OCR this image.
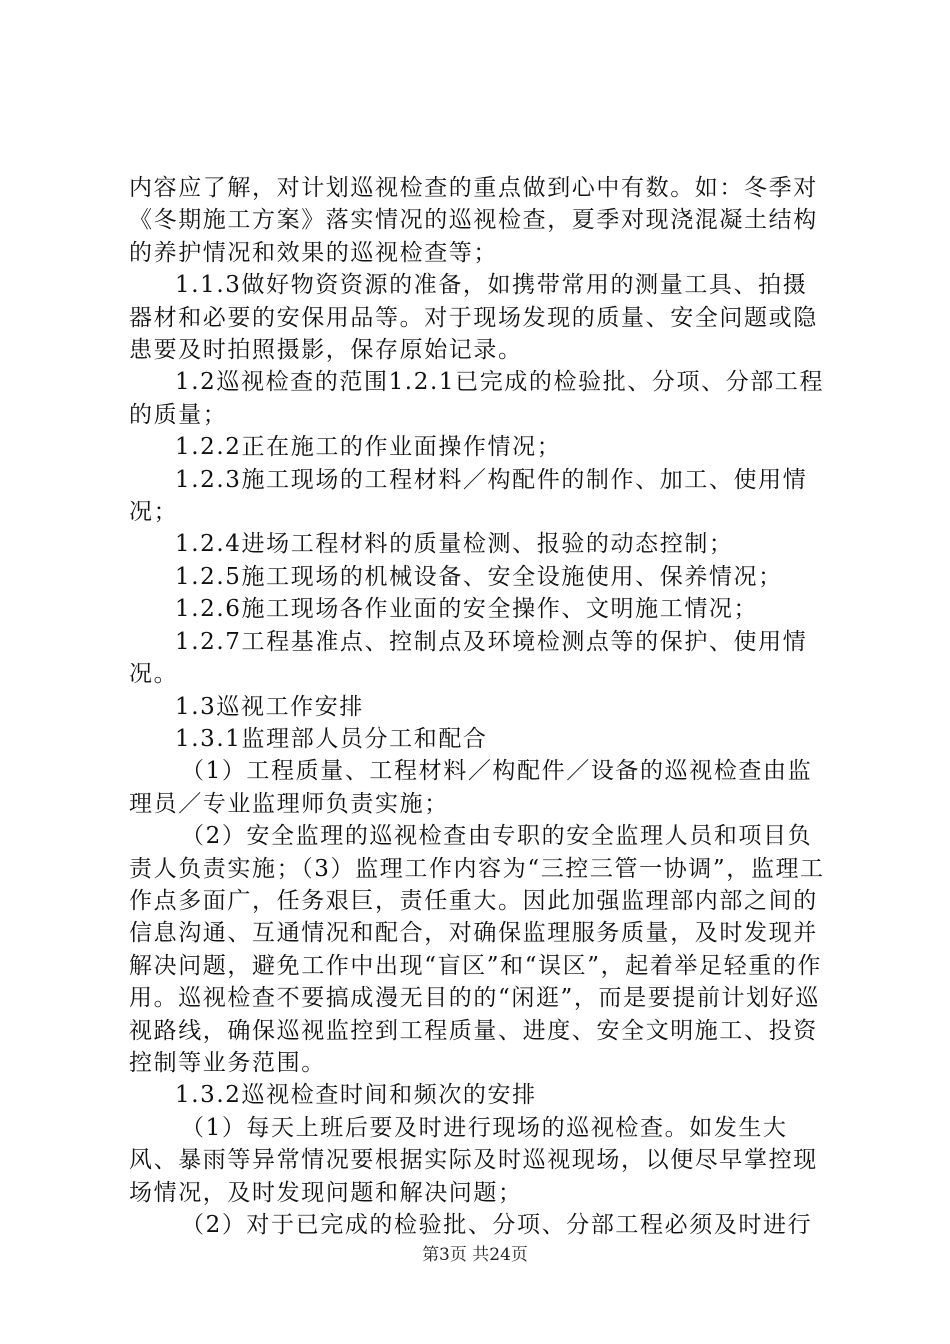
内容应了解，对计划巡视检查的重点做到心中有数。如：冬季对《冬期施工方案》落实情况的巡视检查，夏季对现浇混凝土结构的养护情况和效果的巡视检查等；

1.1.3做好物资资源的准备，如携带常用的测量工具、拍摄器材和必要的安保用品等。对于现场发现的质量、安全问题或隐患要及时拍照摄影，保存原始记录。

1.2巡视检查的范围1.2.1已完成的检验批、分项、分部工程的质量；

1.2.2正在施工的作业面操作情况；

1.2.3施工现场的工程材料／构配件的制作、加工、使用情况；

1.2.4进场工程材料的质量检测、报验的动态控制；

1.2.5施工现场的机械设备、安全设施使用、保养情况；

1.2.6施工现场各作业面的安全操作、文明施工情况；

1.2.7工程基准点、控制点及环境检测点等的保护、使用情况。

1.3巡视工作安排

1.3.1监理部人员分工和配合

（1）工程质量、工程材料／构配件／设备的巡视检查由监理员／专业监理师负责实施；

（2）安全监理的巡视检查由专职的安全监理人员和项目负责人负责实施；（3）监理工作内容为“三控三管一协调”，监理工作点多面广，任务艰巨，责任重大。因此加强监理部内部之间的信息沟通、互通情况和配合，对确保监理服务质量，及时发现并解决问题，避免工作中出现“盲区”和“误区”，起着举足轻重的作用。巡视检查不要搞成漫无目的的“闲逛”，而是要提前计划好巡视路线，确保巡视监控到工程质量、进度、安全文明施工、投资控制等业务范围。

1.3.2巡视检查时间和频次的安排

（1）每天上班后要及时进行现场的巡视检查。如发生大风、暴雨等异常情况要根据实际及时巡视现场，以便尽早掌控现场情况，及时发现问题和解决问题；

（2）对于已完成的检验批、分项、分部工程必须及时进行

第3页 共24页
